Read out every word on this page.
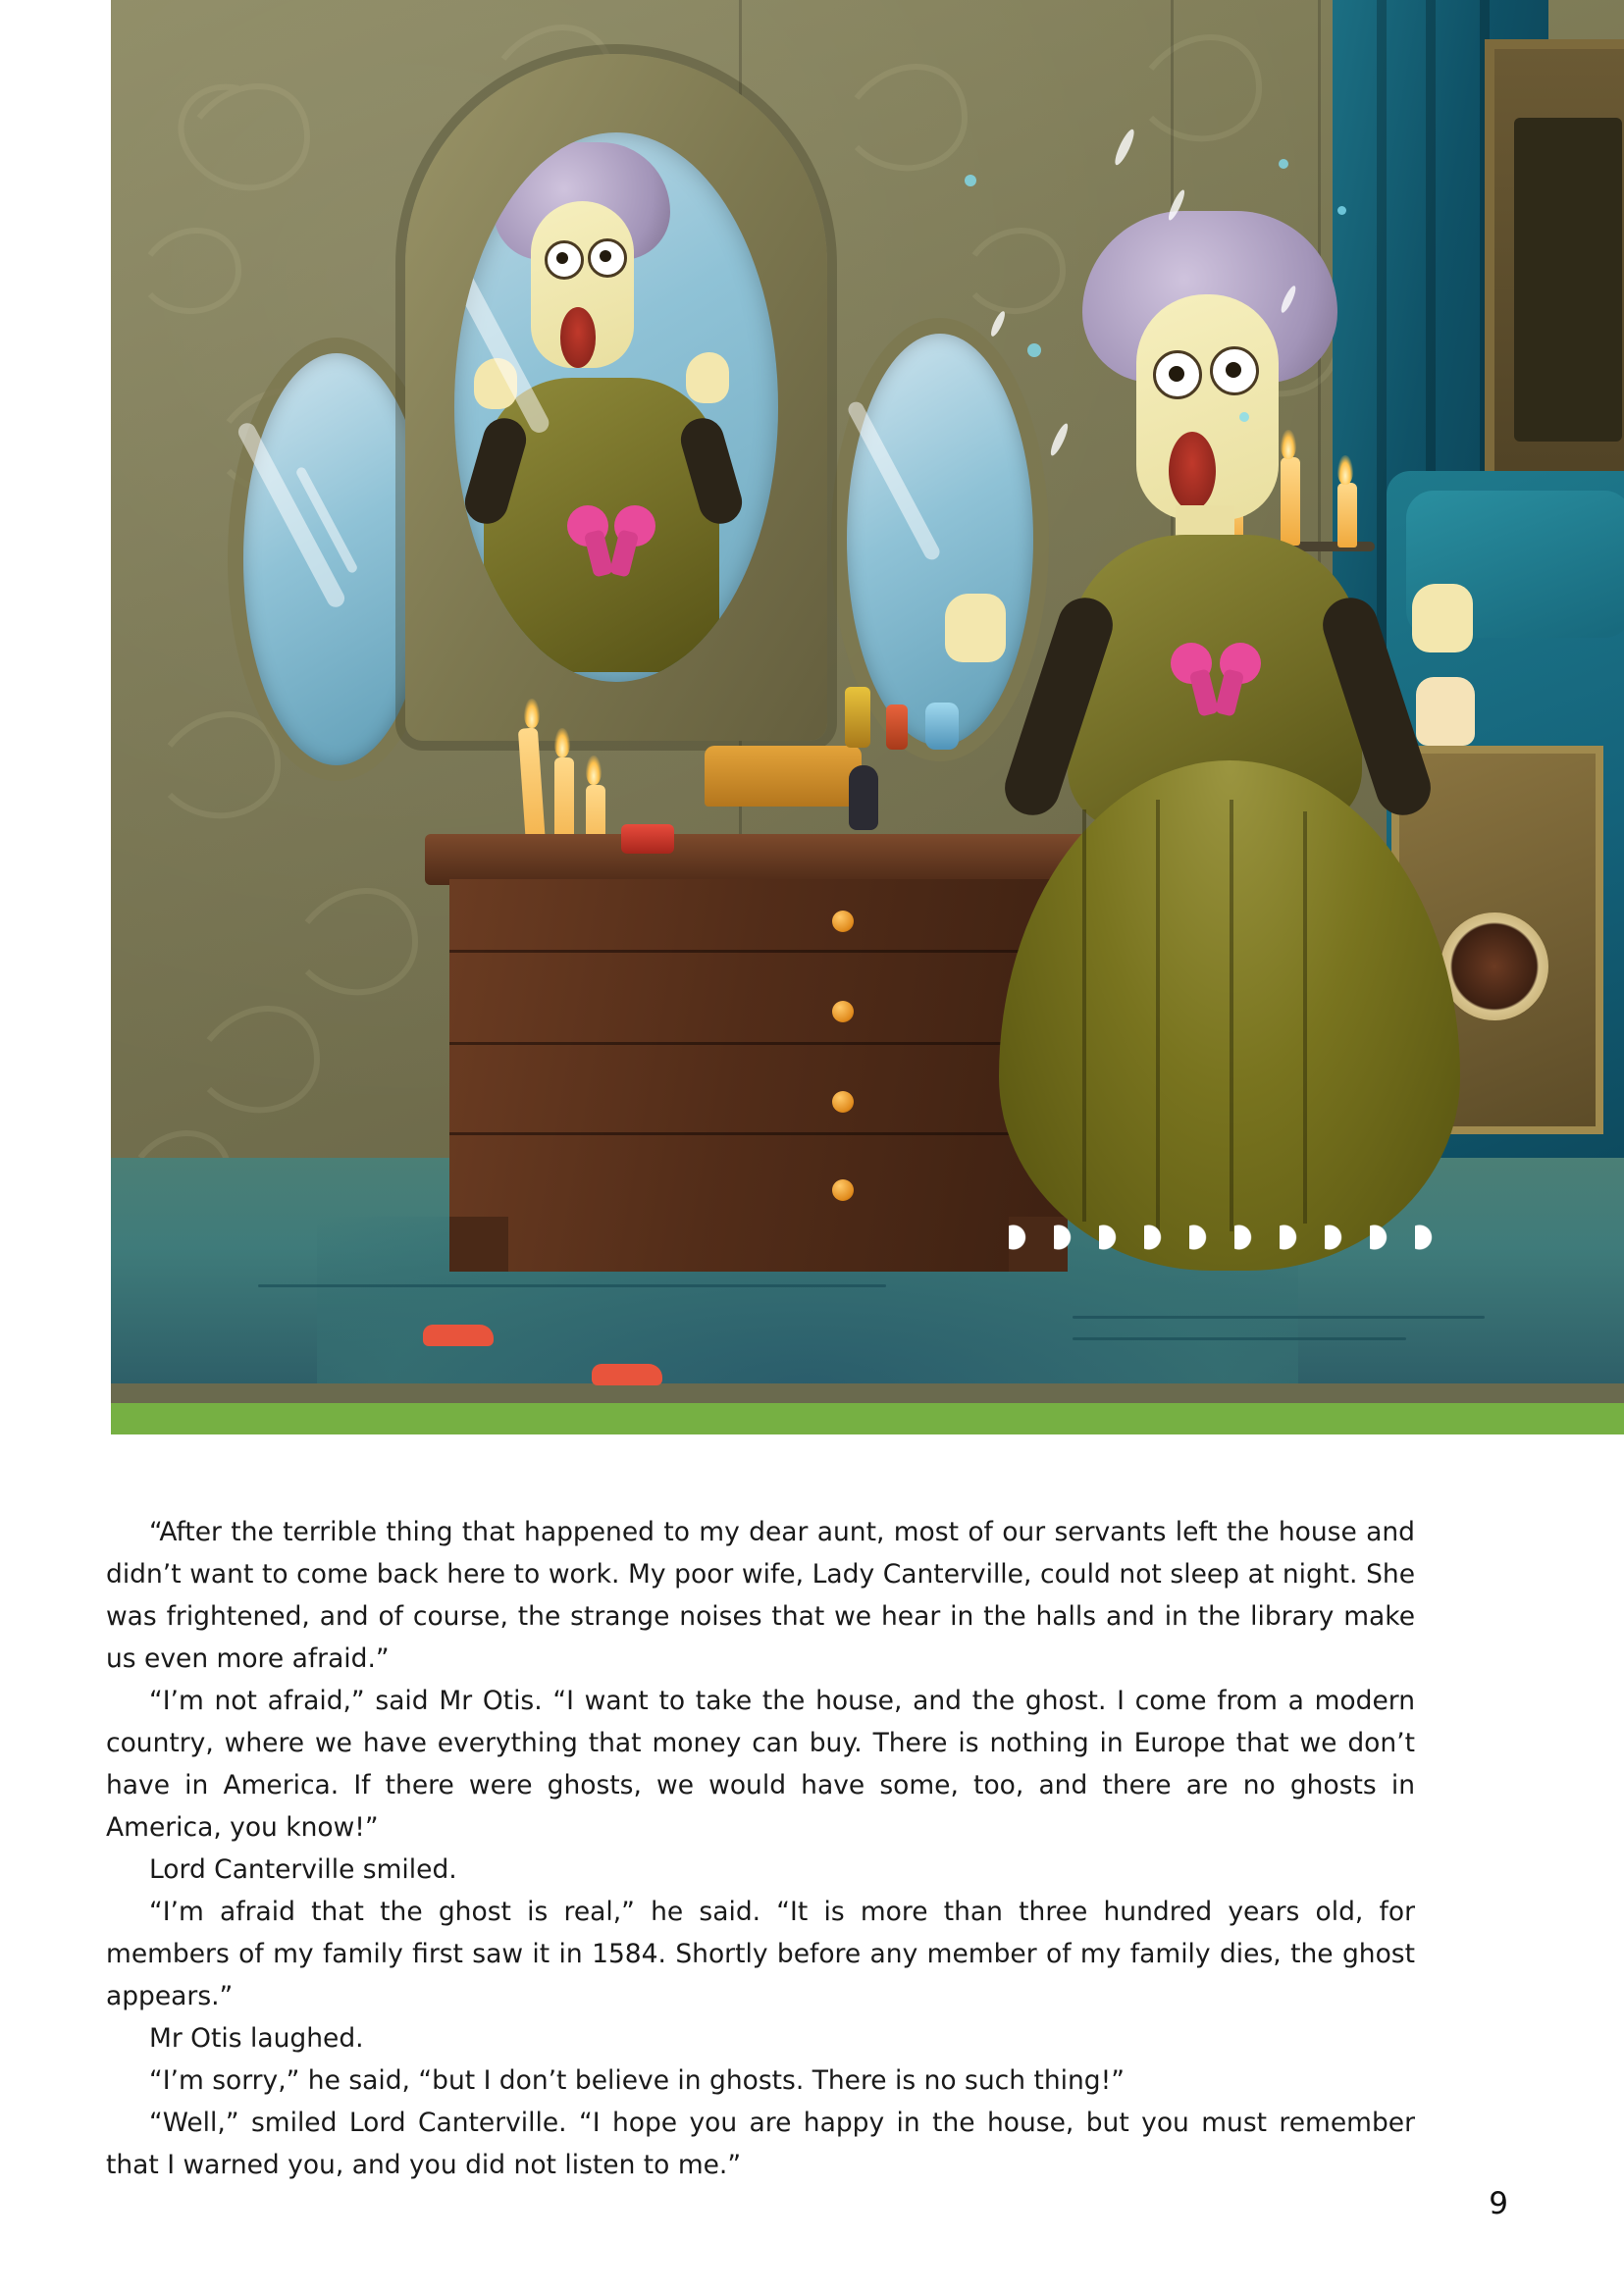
“After the terrible thing that happened to my dear aunt, most of our servants left the house and didn’t want to come back here to work. My poor wife, Lady Canterville, could not sleep at night. She was frightened, and of course, the strange noises that we hear in the halls and in the library make us even more afraid.”

“I’m not afraid,” said Mr Otis. “I want to take the house, and the ghost. I come from a modern country, where we have everything that money can buy. There is nothing in Europe that we don’t have in America. If there were ghosts, we would have some, too, and there are no ghosts in America, you know!”

Lord Canterville smiled.

“I’m afraid that the ghost is real,” he said. “It is more than three hundred years old, for members of my family first saw it in 1584. Shortly before any member of my family dies, the ghost appears.”

Mr Otis laughed.

“I’m sorry,” he said, “but I don’t believe in ghosts. There is no such thing!”

“Well,” smiled Lord Canterville. “I hope you are happy in the house, but you must remember that I warned you, and you did not listen to me.”

9
